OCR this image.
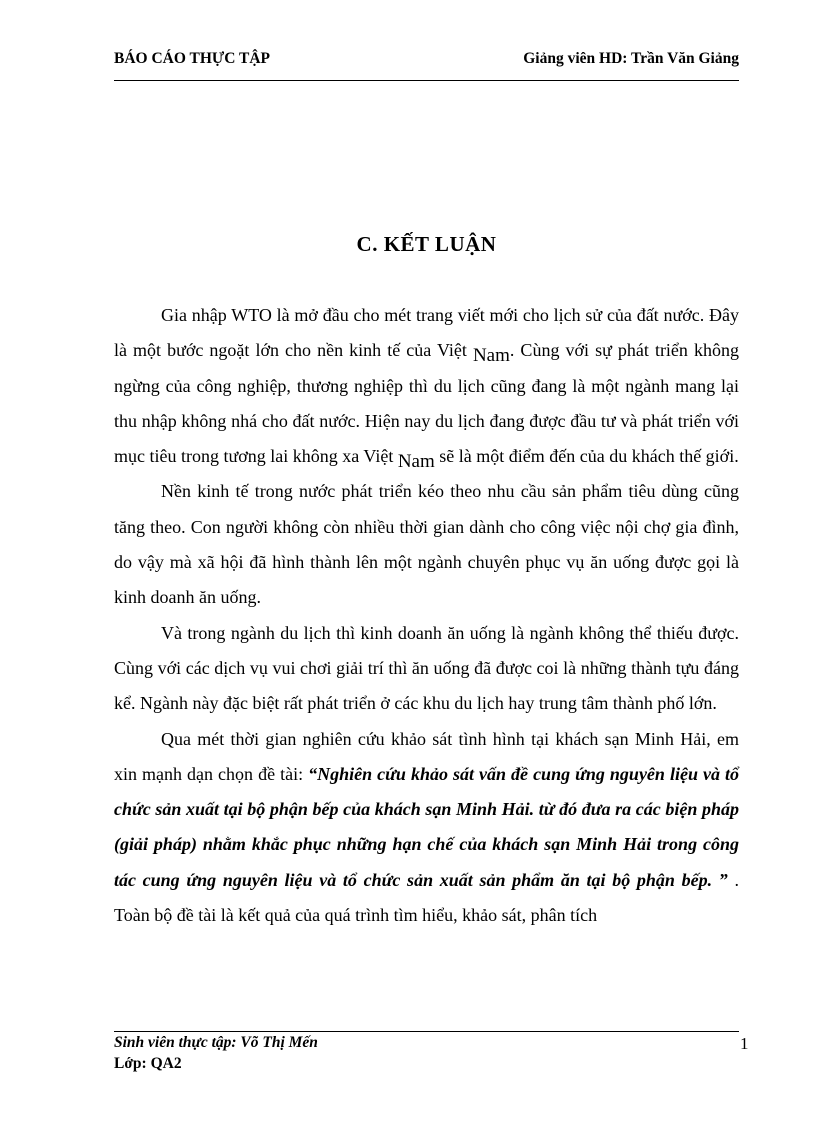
BÁO CÁO THỰC TẬP	Giảng viên HD: Trần Văn Giảng
C. KẾT LUẬN

Gia nhập WTO là mở đầu cho mét trang viết mới cho lịch sử của đất nước. Đây là một bước ngoặt lớn cho nền kinh tế của Việt Nam. Cùng với sự phát triển không ngừng của công nghiệp, thương nghiệp thì du lịch cũng đang là một ngành mang lại thu nhập không nhá cho đất nước. Hiện nay du lịch đang được đầu tư và phát triển với mục tiêu trong tương lai không xa Việt Nam sẽ là một điểm đến của du khách thế giới.

Nền kinh tế trong nước phát triển kéo theo nhu cầu sản phẩm tiêu dùng cũng tăng theo. Con người không còn nhiều thời gian dành cho công việc nội chợ gia đình, do vậy mà xã hội đã hình thành lên một ngành chuyên phục vụ ăn uống được gọi là kinh doanh ăn uống.

Và trong ngành du lịch thì kinh doanh ăn uống là ngành không thể thiếu được. Cùng với các dịch vụ vui chơi giải trí thì ăn uống đã được coi là những thành tựu đáng kể. Ngành này đặc biệt rất phát triển ở các khu du lịch hay trung tâm thành phố lớn.

Qua mét thời gian nghiên cứu khảo sát tình hình tại khách sạn Minh Hải, em xin mạnh dạn chọn đề tài: “Nghiên cứu khảo sát vấn đề cung ứng nguyên liệu và tổ chức sản xuất tại bộ phận bếp của khách sạn Minh Hải. từ đó đưa ra các biện pháp (giải pháp) nhằm khắc phục những hạn chế của khách sạn Minh Hải trong công tác cung ứng nguyên liệu và tổ chức sản xuất sản phẩm ăn tại bộ phận bếp. ” . Toàn bộ đề tài là kết quả của quá trình tìm hiểu, khảo sát, phân tích

Sinh viên thực tập: Võ Thị Mến
Lớp: QA2
1
